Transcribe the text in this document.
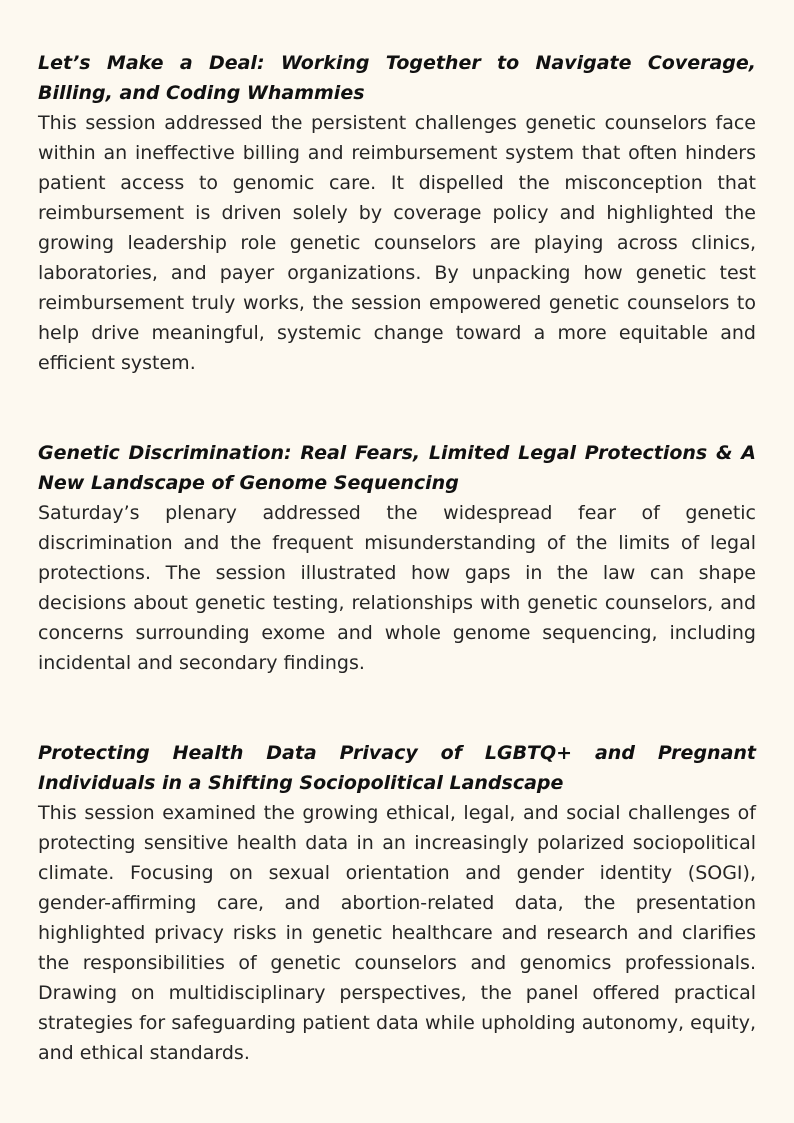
Let’s Make a Deal: Working Together to Navigate Coverage, Billing, and Coding Whammies

This session addressed the persistent challenges genetic counselors face within an ineffective billing and reimbursement system that often hinders patient access to genomic care. It dispelled the misconception that reimbursement is driven solely by coverage policy and highlighted the growing leadership role genetic counselors are playing across clinics, laboratories, and payer organizations. By unpacking how genetic test reimbursement truly works, the session empowered genetic counselors to help drive meaningful, systemic change toward a more equitable and efficient system.

Genetic Discrimination: Real Fears, Limited Legal Protections & A New Landscape of Genome Sequencing

Saturday’s plenary addressed the widespread fear of genetic discrimination and the frequent misunderstanding of the limits of legal protections. The session illustrated how gaps in the law can shape decisions about genetic testing, relationships with genetic counselors, and concerns surrounding exome and whole genome sequencing, including incidental and secondary findings.

Protecting Health Data Privacy of LGBTQ+ and Pregnant Individuals in a Shifting Sociopolitical Landscape

This session examined the growing ethical, legal, and social challenges of protecting sensitive health data in an increasingly polarized sociopolitical climate. Focusing on sexual orientation and gender identity (SOGI), gender-affirming care, and abortion-related data, the presentation highlighted privacy risks in genetic healthcare and research and clarifies the responsibilities of genetic counselors and genomics professionals. Drawing on multidisciplinary perspectives, the panel offered practical strategies for safeguarding patient data while upholding autonomy, equity, and ethical standards.
